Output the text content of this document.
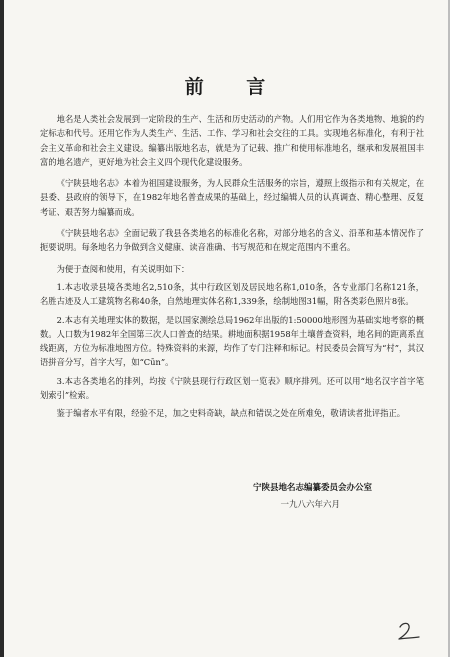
前 言

地名是人类社会发展到一定阶段的生产、生活和历史活动的产物。人们用它作为各类地物、地貌的约定标志和代号。还用它作为人类生产、生活、工作、学习和社会交往的工具。实现地名标准化，有利于社会主义革命和社会主义建设。编纂出版地名志，就是为了记载、推广和使用标准地名，继承和发展祖国丰富的地名遗产，更好地为社会主义四个现代化建设服务。

《宁陕县地名志》本着为祖国建设服务，为人民群众生活服务的宗旨，遵照上级指示和有关规定，在县委、县政府的领导下，在1982年地名普查成果的基础上，经过编辑人员的认真调查、精心整理、反复考证、艰苦努力编纂而成。

《宁陕县地名志》全面记载了我县各类地名的标准化名称，对部分地名的含义、沿革和基本情况作了扼要说明。每条地名力争做到含义健康、读音准确、书写规范和在规定范围内不重名。

为便于查阅和使用，有关说明如下：

1.本志收录县境各类地名2,510条，其中行政区划及居民地名称1,010条，各专业部门名称121条，名胜古迹及人工建筑物名称40条，自然地理实体名称1,339条，绘制地图31幅，附各类彩色照片8张。

2.本志有关地理实体的数据，是以国家测绘总局1962年出版的1:50000地形图为基础实地考察的概数。人口数为1982年全国第三次人口普查的结果。耕地面积据1958年土壤普查资料，地名间的距离系直线距离，方位为标准地图方位。特殊资料的来源，均作了专门注释和标记。村民委员会简写为“村”，其汉语拼音分写，首字大写，如“Cūn”。

3.本志各类地名的排列，均按《宁陕县现行行政区划一览表》顺序排列。还可以用“地名汉字首字笔划索引”检索。

鉴于编者水平有限，经验不足，加之史料奇缺，缺点和错误之处在所难免，敬请读者批评指正。

宁陕县地名志编纂委员会办公室
一九八六年六月
